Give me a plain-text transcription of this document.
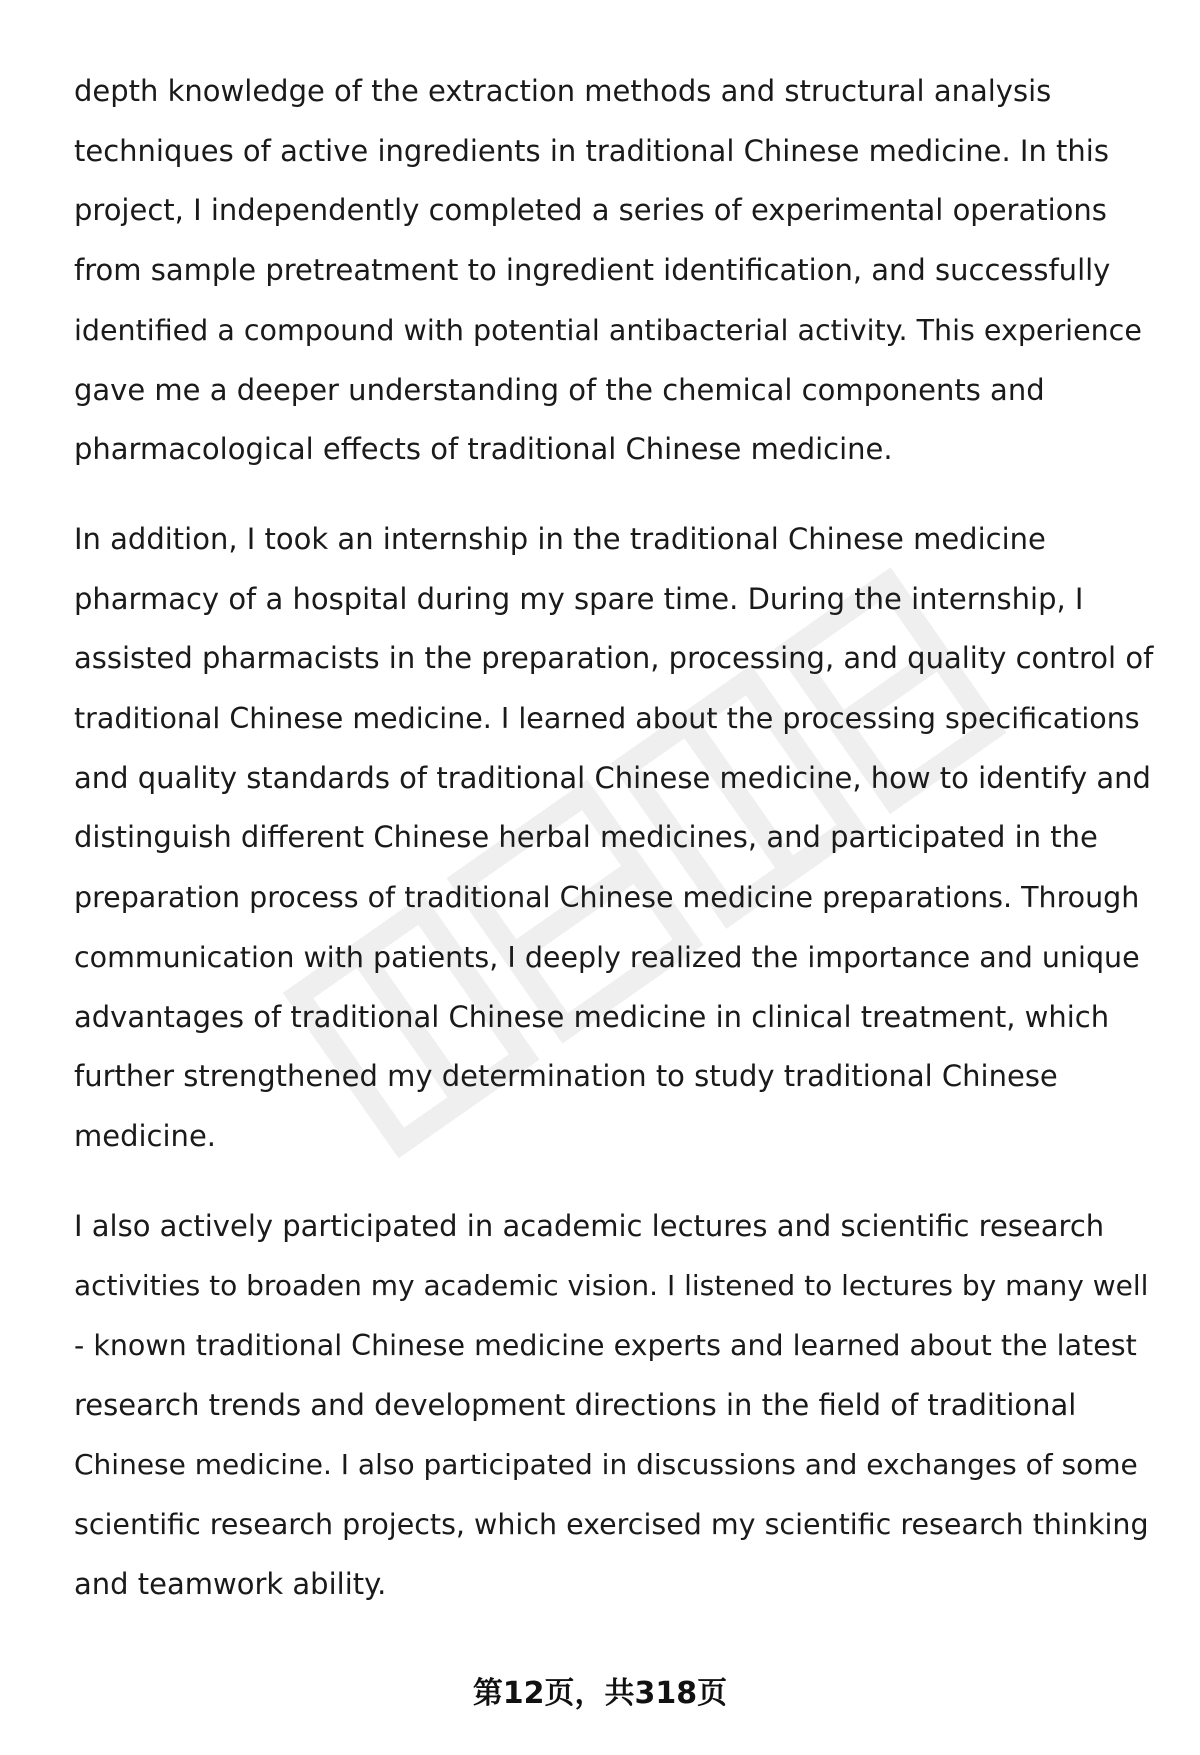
depth knowledge of the extraction methods and structural analysis
techniques of active ingredients in traditional Chinese medicine. In this
project, I independently completed a series of experimental operations
from sample pretreatment to ingredient identification, and successfully
identified a compound with potential antibacterial activity. This experience
gave me a deeper understanding of the chemical components and
pharmacological effects of traditional Chinese medicine.

In addition, I took an internship in the traditional Chinese medicine
pharmacy of a hospital during my spare time. During the internship, I
assisted pharmacists in the preparation, processing, and quality control of
traditional Chinese medicine. I learned about the processing specifications
and quality standards of traditional Chinese medicine, how to identify and
distinguish different Chinese herbal medicines, and participated in the
preparation process of traditional Chinese medicine preparations. Through
communication with patients, I deeply realized the importance and unique
advantages of traditional Chinese medicine in clinical treatment, which
further strengthened my determination to study traditional Chinese
medicine.

I also actively participated in academic lectures and scientific research
activities to broaden my academic vision. I listened to lectures by many well
- known traditional Chinese medicine experts and learned about the latest
research trends and development directions in the field of traditional
Chinese medicine. I also participated in discussions and exchanges of some
scientific research projects, which exercised my scientific research thinking
and teamwork ability.

第12页，共318页
